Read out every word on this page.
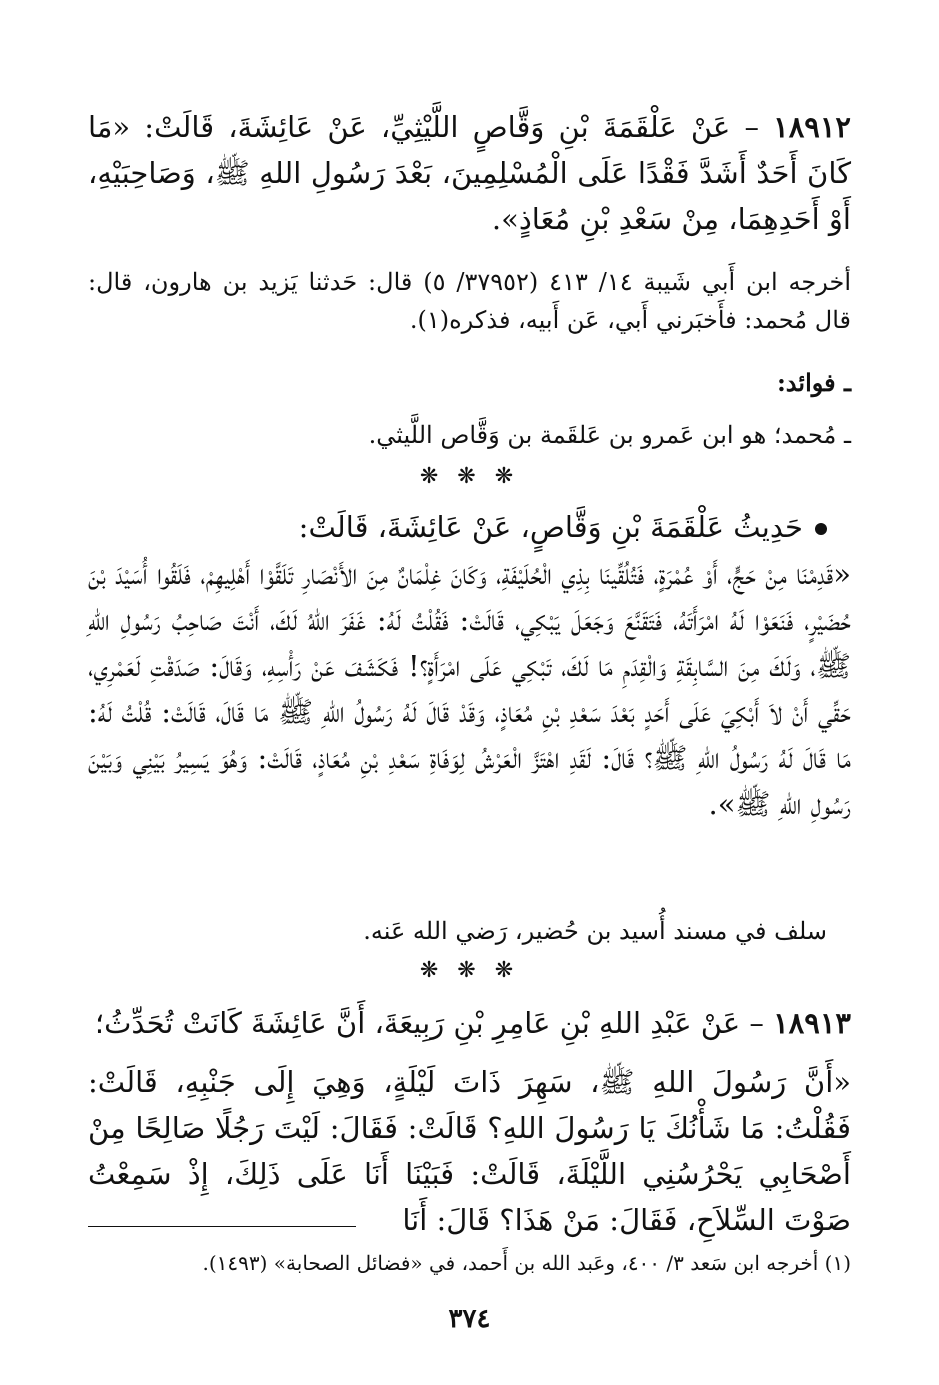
١٨٩١٢ – عَنْ عَلْقَمَةَ بْنِ وَقَّاصٍ اللَّيْثِيِّ، عَنْ عَائِشَةَ، قَالَتْ: «مَا كَانَ أَحَدٌ أَشَدَّ فَقْدًا عَلَى الْمُسْلِمِينَ، بَعْدَ رَسُولِ اللهِ ﷺ، وَصَاحِبَيْهِ، أَوْ أَحَدِهِمَا، مِنْ سَعْدِ بْنِ مُعَاذٍ».
أخرجه ابن أَبي شَيبة ١٤/ ٤١٣ (٣٧٩٥٢/ ٥) قال: حَدثنا يَزيد بن هارون، قال: قال مُحمد: فأَخبَرني أَبي، عَن أَبيه، فذكره(١).
ـ فوائد:
ـ مُحمد؛ هو ابن عَمرو بن عَلقَمة بن وَقَّاص اللَّيثي.
❋ ❋ ❋
حَدِيثُ عَلْقَمَةَ بْنِ وَقَّاصٍ، عَنْ عَائِشَةَ، قَالَتْ:
«قَدِمْنَا مِنْ حَجٍّ، أَوْ عُمْرَةٍ، فَتُلُقِّينَا بِذِي الْحُلَيْفَةِ، وَكَانَ غِلْمَانٌ مِنَ الأَنْصَارِ تَلَقَّوْا أَهْلِيهِمْ، فَلَقُوا أُسَيْدَ بْنَ حُضَيْرٍ، فَنَعَوْا لَهُ امْرَأَتَهُ، فَتَقَنَّعَ وَجَعَلَ يَبْكِي، قَالَتْ: فَقُلْتُ لَهُ: غَفَرَ اللهُ لَكَ، أَنْتَ صَاحِبُ رَسُولِ اللهِ ﷺ، وَلَكَ مِنَ السَّابِقَةِ وَالْقِدَمِ مَا لَكَ، تَبْكِي عَلَى امْرَأَةٍ؟! فَكَشَفَ عَنْ رَأْسِهِ، وَقَالَ: صَدَقْتِ لَعَمْرِي، حَقِّي أَنْ لاَ أَبْكِيَ عَلَى أَحَدٍ بَعْدَ سَعْدِ بْنِ مُعَاذٍ، وَقَدْ قَالَ لَهُ رَسُولُ اللهِ ﷺ مَا قَالَ، قَالَتْ: قُلْتُ لَهُ: مَا قَالَ لَهُ رَسُولُ اللهِ ﷺ؟ قَالَ: لَقَدِ اهْتَزَّ الْعَرْشُ لِوَفَاةِ سَعْدِ بْنِ مُعَاذٍ، قَالَتْ: وَهُوَ يَسِيرُ بَيْنِي وَبَيْنَ رَسُولِ اللهِ ﷺ».
سلف في مسند أُسيد بن حُضير، رَضي الله عَنه.
❋ ❋ ❋
١٨٩١٣ – عَنْ عَبْدِ اللهِ بْنِ عَامِرِ بْنِ رَبِيعَةَ، أَنَّ عَائِشَةَ كَانَتْ تُحَدِّثُ؛
«أَنَّ رَسُولَ اللهِ ﷺ، سَهِرَ ذَاتَ لَيْلَةٍ، وَهِيَ إِلَى جَنْبِهِ، قَالَتْ: فَقُلْتُ: مَا شَأْنُكَ يَا رَسُولَ اللهِ؟ قَالَتْ: فَقَالَ: لَيْتَ رَجُلًا صَالِحًا مِنْ أَصْحَابِي يَحْرُسُنِي اللَّيْلَةَ، قَالَتْ: فَبَيْنَا أَنَا عَلَى ذَلِكَ، إِذْ سَمِعْتُ صَوْتَ السِّلاَحِ، فَقَالَ: مَنْ هَذَا؟ قَالَ: أَنَا
(١) أخرجه ابن سَعد ٣/ ٤٠٠، وعَبد الله بن أَحمد، في «فضائل الصحابة» (١٤٩٣).
٣٧٤
